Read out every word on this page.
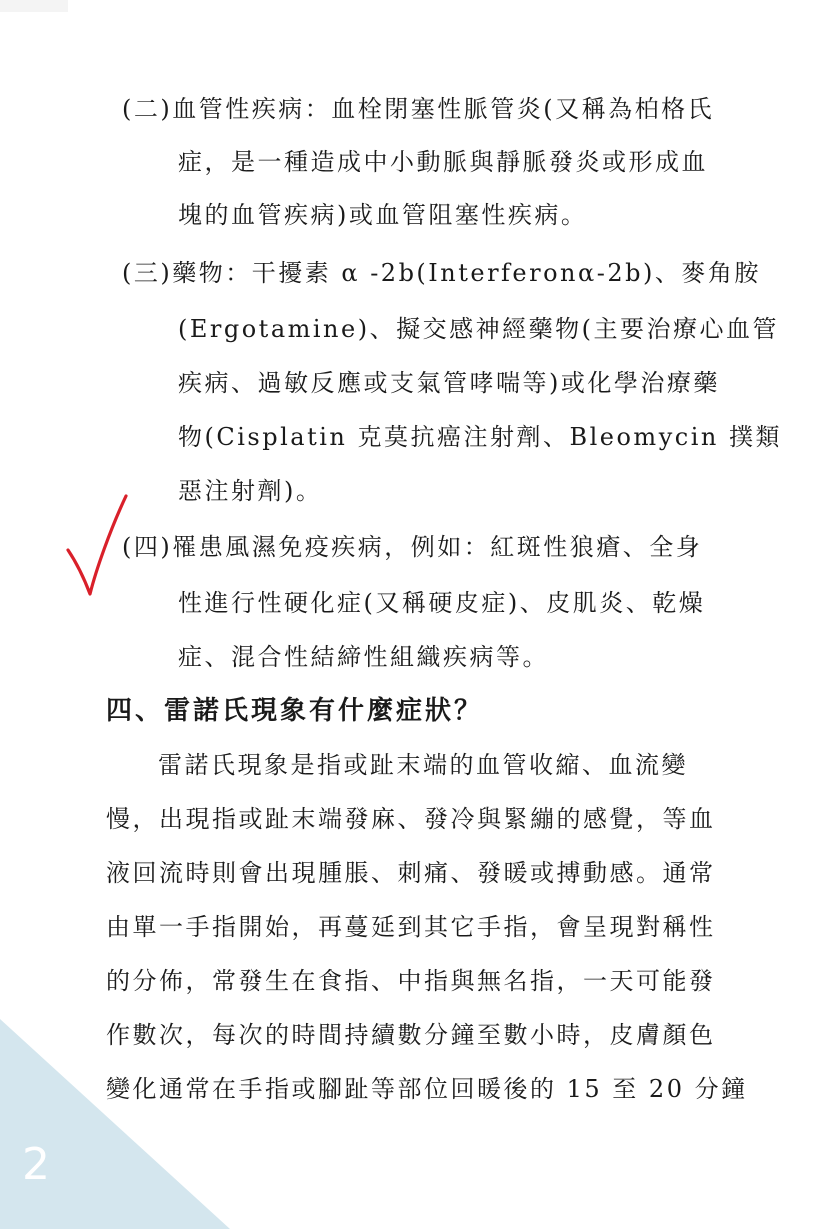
(二)血管性疾病：血栓閉塞性脈管炎(又稱為柏格氏
症，是一種造成中小動脈與靜脈發炎或形成血
塊的血管疾病)或血管阻塞性疾病。
(三)藥物：干擾素 α -2b(Interferonα-2b)、麥角胺
(Ergotamine)、擬交感神經藥物(主要治療心血管
疾病、過敏反應或支氣管哮喘等)或化學治療藥
物(Cisplatin 克莫抗癌注射劑、Bleomycin 撲類
惡注射劑)。
(四)罹患風濕免疫疾病，例如：紅斑性狼瘡、全身
性進行性硬化症(又稱硬皮症)、皮肌炎、乾燥
症、混合性結締性組織疾病等。
四、雷諾氏現象有什麼症狀？
雷諾氏現象是指或趾末端的血管收縮、血流變
慢，出現指或趾末端發麻、發冷與緊繃的感覺，等血
液回流時則會出現腫脹、刺痛、發暖或搏動感。通常
由單一手指開始，再蔓延到其它手指，會呈現對稱性
的分佈，常發生在食指、中指與無名指，一天可能發
作數次，每次的時間持續數分鐘至數小時，皮膚顏色
變化通常在手指或腳趾等部位回暖後的 15 至 20 分鐘
2
